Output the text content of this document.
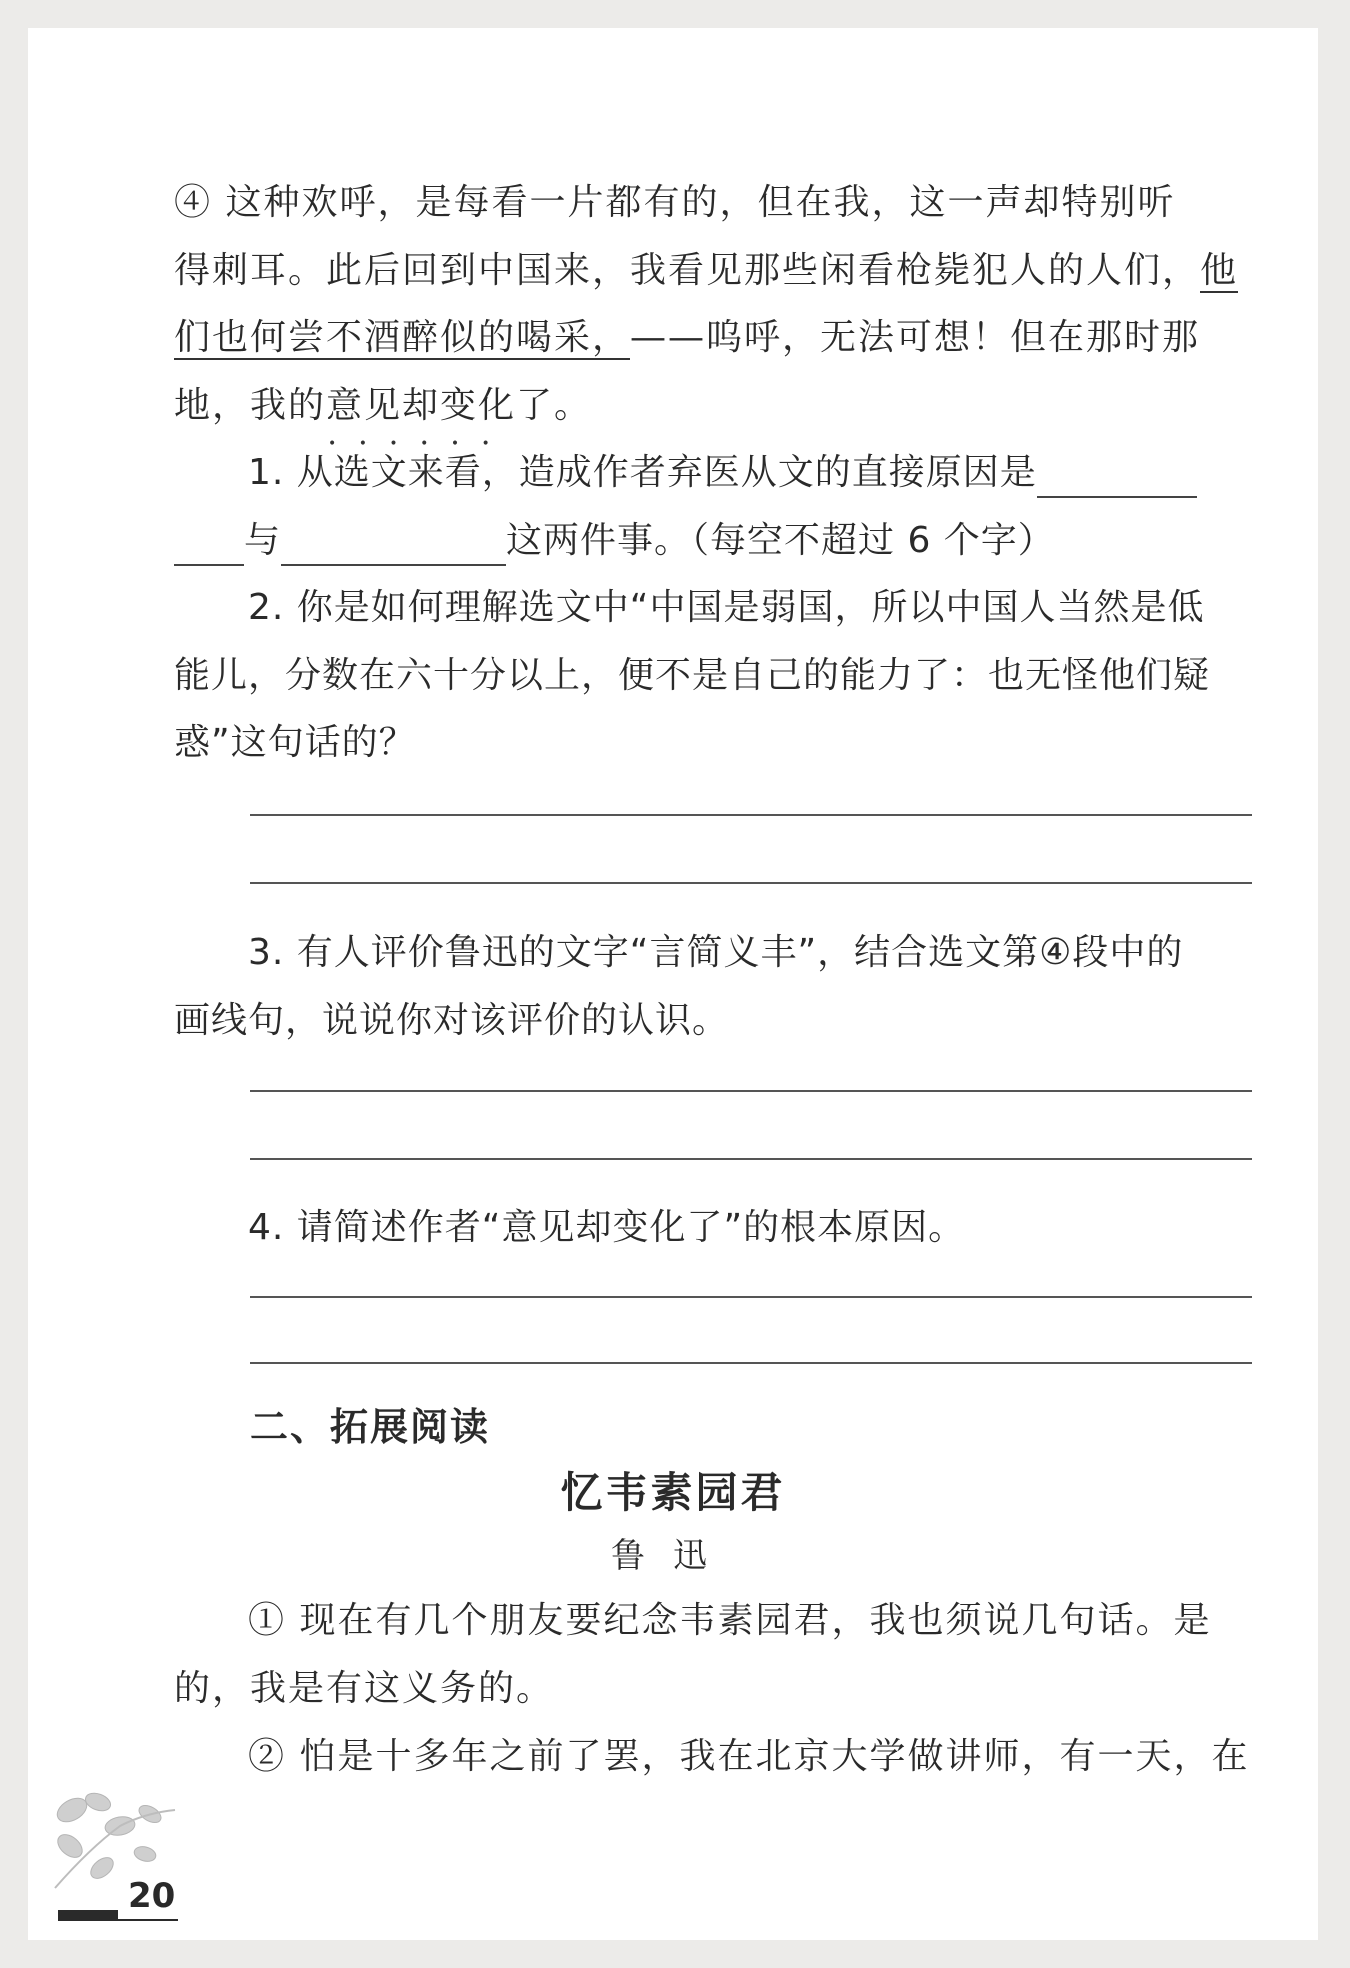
④ 这种欢呼，是每看一片都有的，但在我，这一声却特别听
得刺耳。此后回到中国来，我看见那些闲看枪毙犯人的人们，他
们也何尝不酒醉似的喝采，——呜呼，无法可想！但在那时那
地，我的意见却变化了 • • •。
1. 从选文来看，造成作者弃医从文的直接原因是
与	这两件事。（每空不超过 6 个字）
2. 你是如何理解选文中“中国是弱国，所以中国人当然是低
能儿，分数在六十分以上，便不是自己的能力了：也无怪他们疑
惑”这句话的？
3. 有人评价鲁迅的文字“言简义丰”，结合选文第④段中的
画线句，说说你对该评价的认识。
4. 请简述作者“意见却变化了”的根本原因。
二、拓展阅读
忆韦素园君
鲁迅
① 现在有几个朋友要纪念韦素园君，我也须说几句话。是
的，我是有这义务的。
② 怕是十多年之前了罢，我在北京大学做讲师，有一天，在
20
